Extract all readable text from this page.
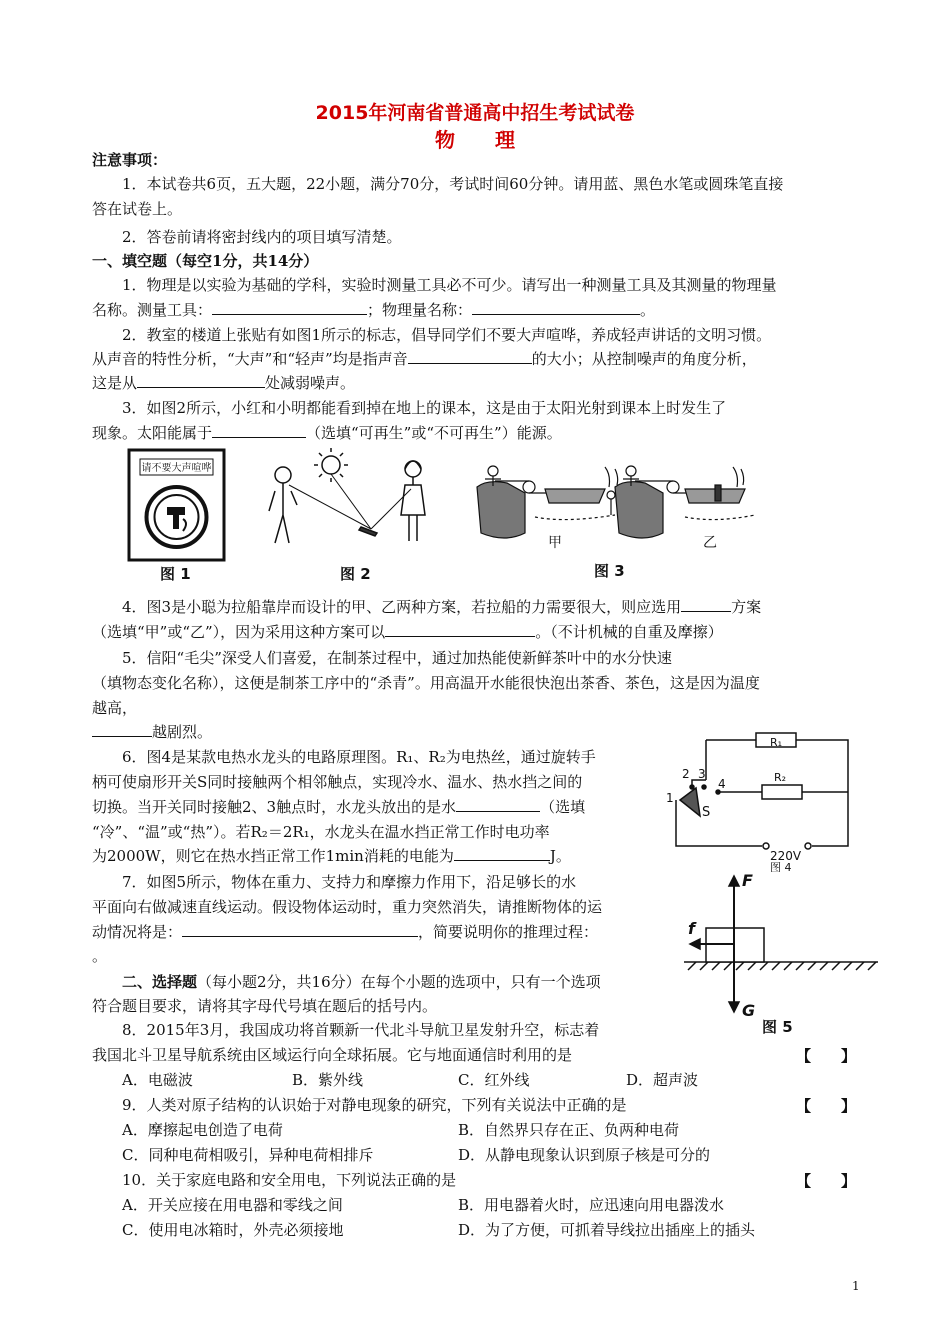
2015年河南省普通高中招生考试试卷
物　　理
注意事项：
1．本试卷共6页，五大题，22小题，满分70分，考试时间60分钟。请用蓝、黑色水笔或圆珠笔直接
答在试卷上。
2．答卷前请将密封线内的项目填写清楚。
一、填空题（每空1分，共14分）
1．物理是以实验为基础的学科，实验时测量工具必不可少。请写出一种测量工具及其测量的物理量
名称。测量工具：	；物理量名称：	。
2．教室的楼道上张贴有如图1所示的标志，倡导同学们不要大声喧哗，养成轻声讲话的文明习惯。
从声音的特性分析，“大声”和“轻声”均是指声音	的大小；从控制噪声的角度分析，
这是从	处减弱噪声。
3．如图2所示，小红和小明都能看到掉在地上的课本，这是由于太阳光射到课本上时发生了
现象。太阳能属于	（选填“可再生”或“不可再生”）能源。
请不要大声喧哗
甲	乙
图 1	图 2	图 3
4．图3是小聪为拉船靠岸而设计的甲、乙两种方案，若拉船的力需要很大，则应选用	方案
（选填“甲”或“乙”），因为采用这种方案可以	。（不计机械的自重及摩擦）
5．信阳“毛尖”深受人们喜爱，在制茶过程中，通过加热能使新鲜茶叶中的水分快速
（填物态变化名称），这便是制茶工序中的“杀青”。用高温开水能很快泡出茶香、茶色，这是因为温度
越高，
越剧烈。
6．图4是某款电热水龙头的电路原理图。R₁、R₂为电热丝，通过旋转手
柄可使扇形开关S同时接触两个相邻触点，实现冷水、温水、热水挡之间的
切换。当开关同时接触2、3触点时，水龙头放出的是水	（选填
“冷”、“温”或“热”）。若R₂＝2R₁，水龙头在温水挡正常工作时电功率
为2000W，则它在热水挡正常工作1min消耗的电能为	J。
R₁
R₂
2 3
4
1
S
220V
图 4
7．如图5所示，物体在重力、支持力和摩擦力作用下，沿足够长的水
平面向右做减速直线运动。假设物体运动时，重力突然消失，请推断物体的运
动情况将是：	，简要说明你的推理过程：
。
F
f
G
图 5
二、选择题（每小题2分，共16分）在每个小题的选项中，只有一个选项
符合题目要求，请将其字母代号填在题后的括号内。
8．2015年3月，我国成功将首颗新一代北斗导航卫星发射升空，标志着
我国北斗卫星导航系统由区域运行向全球拓展。它与地面通信时利用的是	【　　】
A．电磁波	B．紫外线	C．红外线	D．超声波
9．人类对原子结构的认识始于对静电现象的研究，下列有关说法中正确的是	【　　】
A．摩擦起电创造了电荷	B．自然界只存在正、负两种电荷
C．同种电荷相吸引，异种电荷相排斥	D．从静电现象认识到原子核是可分的
10．关于家庭电路和安全用电，下列说法正确的是	【　　】
A．开关应接在用电器和零线之间	B．用电器着火时，应迅速向用电器泼水
C．使用电冰箱时，外壳必须接地	D．为了方便，可抓着导线拉出插座上的插头
1
